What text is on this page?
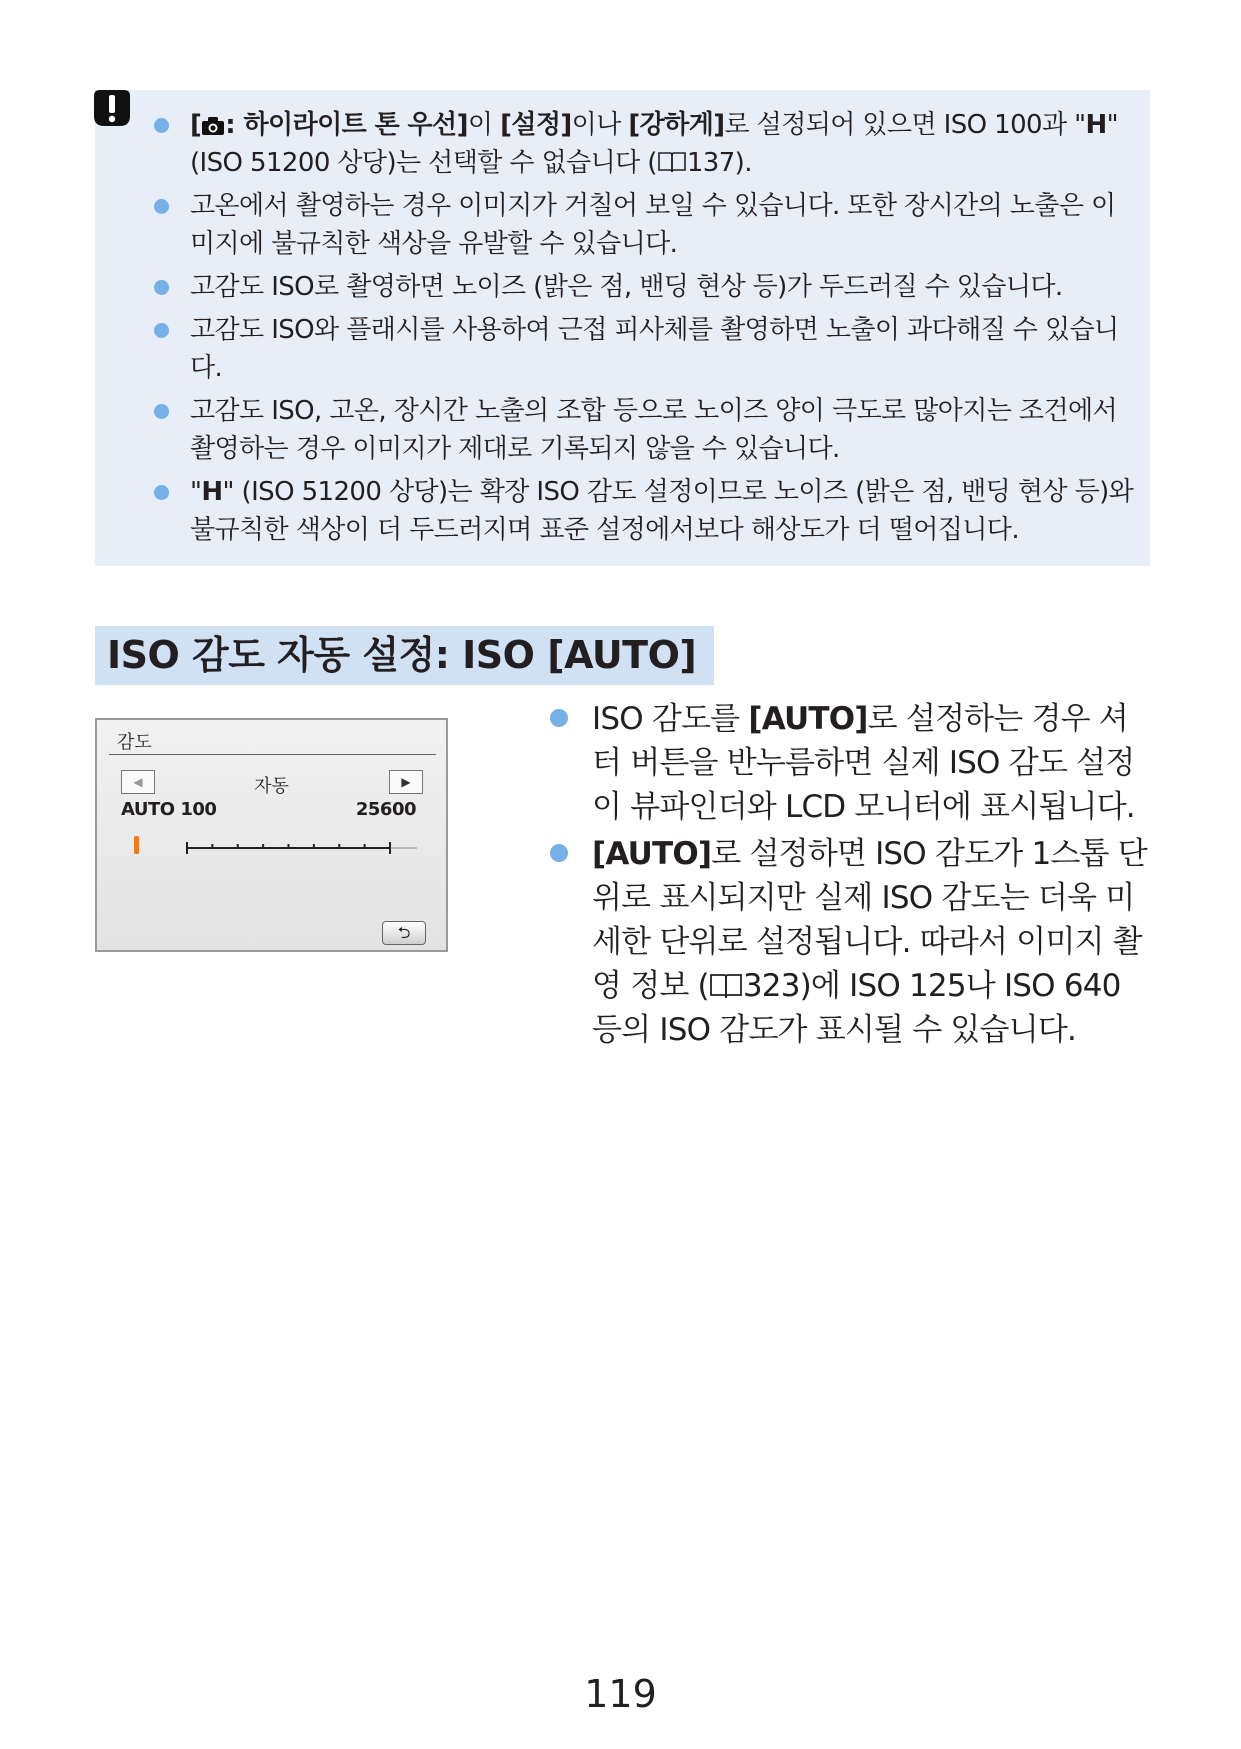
[ : 하이라이트 톤 우선]이 [설정]이나 [강하게]로 설정되어 있으면 ISO 100과 "H" (ISO 51200 상당)는 선택할 수 없습니다 ( 137).
고온에서 촬영하는 경우 이미지가 거칠어 보일 수 있습니다. 또한 장시간의 노출은 이미지에 불규칙한 색상을 유발할 수 있습니다.
고감도 ISO로 촬영하면 노이즈 (밝은 점, 밴딩 현상 등)가 두드러질 수 있습니다.
고감도 ISO와 플래시를 사용하여 근접 피사체를 촬영하면 노출이 과다해질 수 있습니다.
고감도 ISO, 고온, 장시간 노출의 조합 등으로 노이즈 양이 극도로 많아지는 조건에서 촬영하는 경우 이미지가 제대로 기록되지 않을 수 있습니다.
"H" (ISO 51200 상당)는 확장 ISO 감도 설정이므로 노이즈 (밝은 점, 밴딩 현상 등)와 불규칙한 색상이 더 두드러지며 표준 설정에서보다 해상도가 더 떨어집니다.
ISO 감도 자동 설정: ISO [AUTO]
감도
◀	자동	▶
AUTO 100	25600
⮌
ISO 감도를 [AUTO]로 설정하는 경우 셔터 버튼을 반누름하면 실제 ISO 감도 설정이 뷰파인더와 LCD 모니터에 표시됩니다.
[AUTO]로 설정하면 ISO 감도가 1스톱 단위로 표시되지만 실제 ISO 감도는 더욱 미세한 단위로 설정됩니다. 따라서 이미지 촬영 정보 ( 323)에 ISO 125나 ISO 640 등의 ISO 감도가 표시될 수 있습니다.
119
